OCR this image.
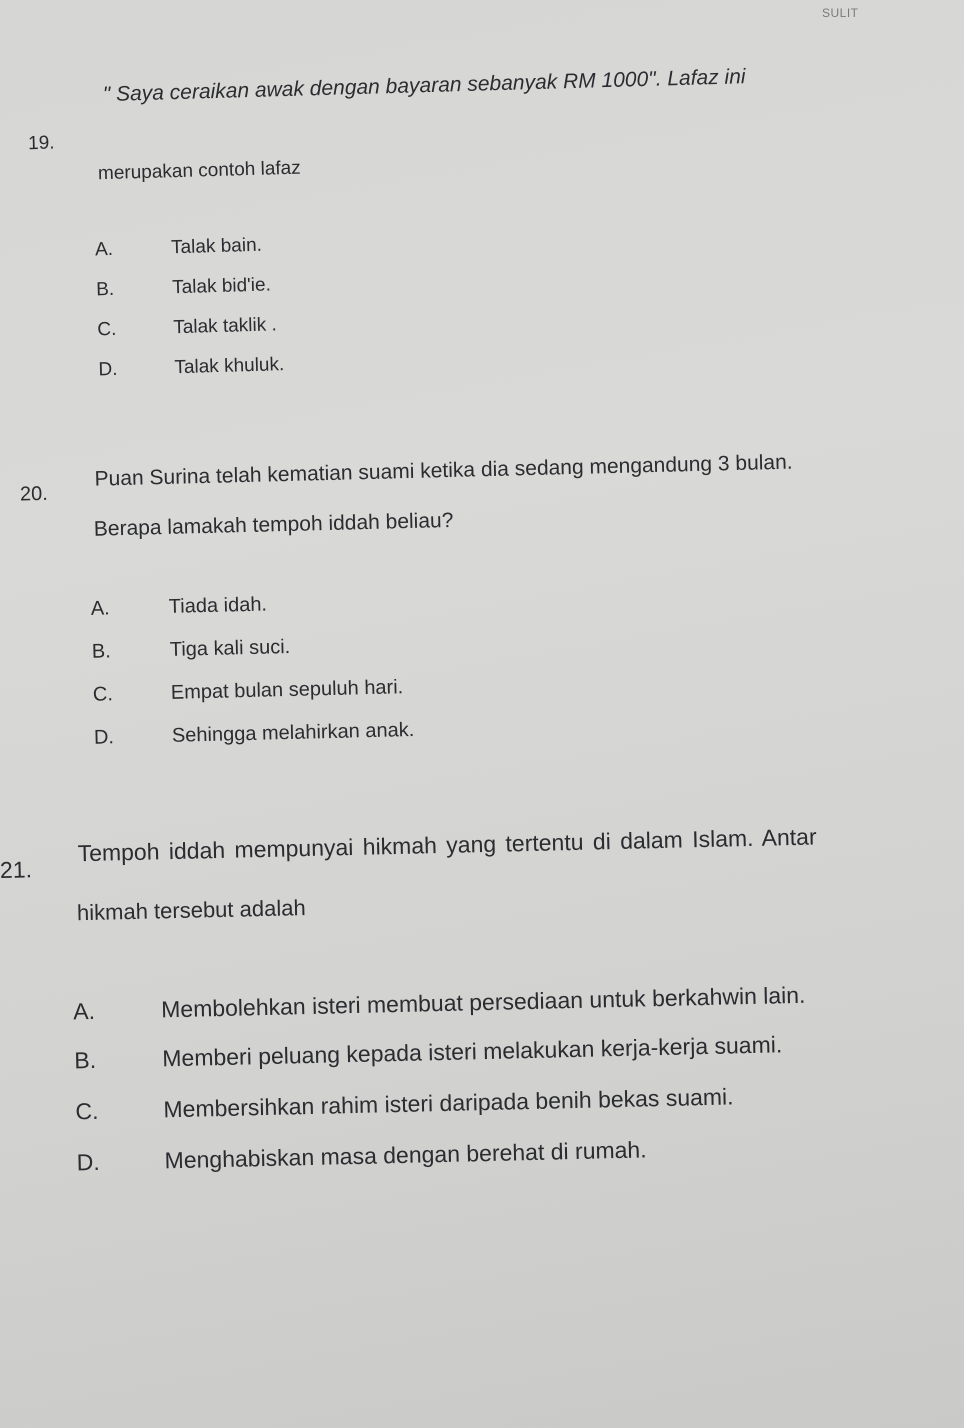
SULIT
19.
" Saya ceraikan awak dengan bayaran sebanyak RM 1000". Lafaz ini
merupakan contoh lafaz
A.	Talak bain.
B.	Talak bid'ie.
C.	Talak taklik .
D.	Talak khuluk.
20.
Puan Surina telah kematian suami ketika dia sedang mengandung 3 bulan.
Berapa lamakah tempoh iddah beliau?
A.	Tiada idah.
B.	Tiga kali suci.
C.	Empat bulan sepuluh hari.
D.	Sehingga melahirkan anak.
21.
Tempoh iddah mempunyai hikmah yang tertentu di dalam Islam. Antar
hikmah tersebut adalah
A.	Membolehkan isteri membuat persediaan untuk berkahwin lain.
B.	Memberi peluang kepada isteri melakukan kerja-kerja suami.
C.	Membersihkan rahim isteri daripada benih bekas suami.
D.	Menghabiskan masa dengan berehat di rumah.
